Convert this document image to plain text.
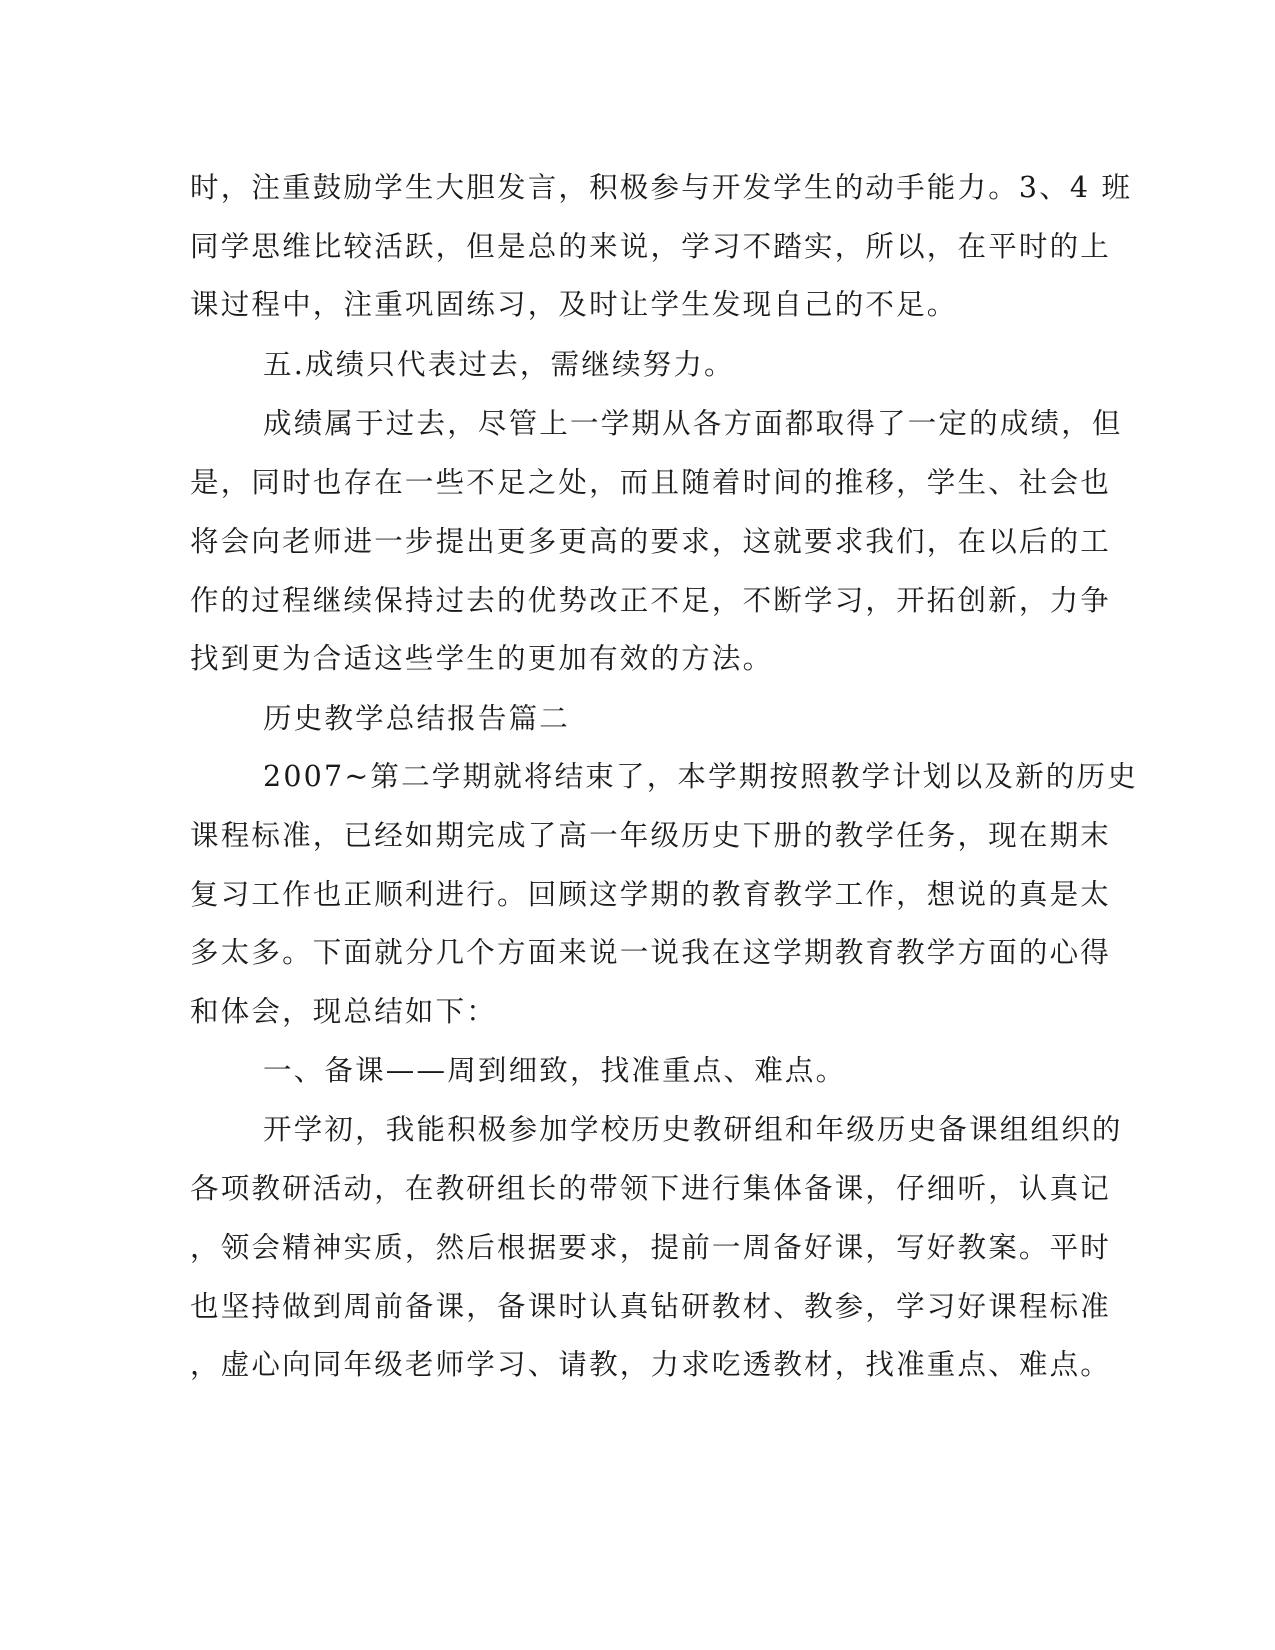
时，注重鼓励学生大胆发言，积极参与开发学生的动手能力。3、4 班
同学思维比较活跃，但是总的来说，学习不踏实，所以，在平时的上
课过程中，注重巩固练习，及时让学生发现自己的不足。
五.成绩只代表过去，需继续努力。
成绩属于过去，尽管上一学期从各方面都取得了一定的成绩，但
是，同时也存在一些不足之处，而且随着时间的推移，学生、社会也
将会向老师进一步提出更多更高的要求，这就要求我们，在以后的工
作的过程继续保持过去的优势改正不足，不断学习，开拓创新，力争
找到更为合适这些学生的更加有效的方法。
历史教学总结报告篇二
2007~第二学期就将结束了，本学期按照教学计划以及新的历史
课程标准，已经如期完成了高一年级历史下册的教学任务，现在期末
复习工作也正顺利进行。回顾这学期的教育教学工作，想说的真是太
多太多。下面就分几个方面来说一说我在这学期教育教学方面的心得
和体会，现总结如下：
一、备课——周到细致，找准重点、难点。
开学初，我能积极参加学校历史教研组和年级历史备课组组织的
各项教研活动，在教研组长的带领下进行集体备课，仔细听，认真记
，领会精神实质，然后根据要求，提前一周备好课，写好教案。平时
也坚持做到周前备课，备课时认真钻研教材、教参，学习好课程标准
，虚心向同年级老师学习、请教，力求吃透教材，找准重点、难点。
